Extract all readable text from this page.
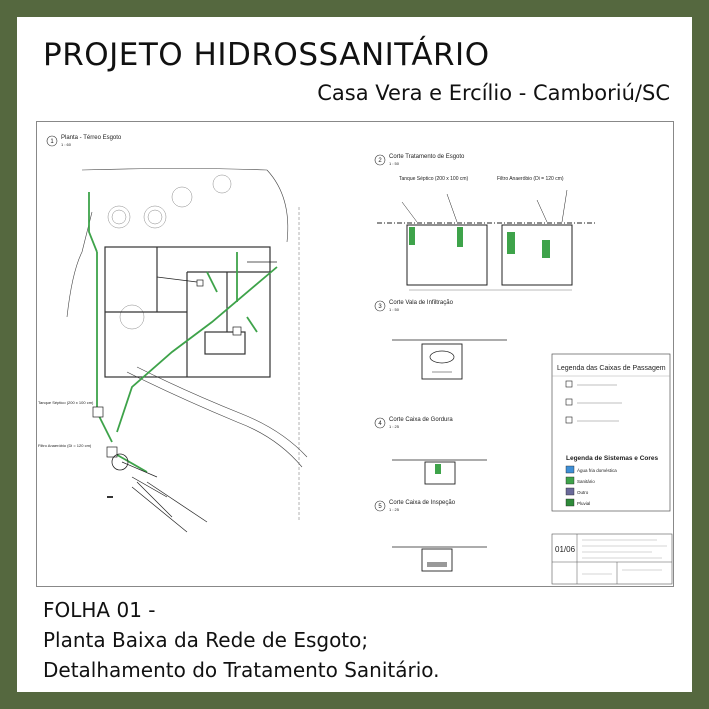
PROJETO HIDROSSANITÁRIO
Casa Vera e Ercílio - Camboriú/SC
1
Planta - Térreo Esgoto
1 : 60
Tanque Séptico (200 x 100 cm)
Filtro Anaeróbio (Di = 120 cm)
2
Corte Tratamento de Esgoto
1 : 50
Tanque Séptico (200 x 100 cm)	Filtro Anaeróbio (Di = 120 cm)
3
Corte Vala de Infiltração
1 : 50
4
Corte Caixa de Gordura
1 : 25
5
Corte Caixa de Inspeção
1 : 25
Legenda das Caixas de Passagem
Legenda de Sistemas e Cores
Água fria doméstica
Sanitário
Outro
Pluvial
01/06
FOLHA 01 -
Planta Baixa da Rede de Esgoto;
Detalhamento do Tratamento Sanitário.
